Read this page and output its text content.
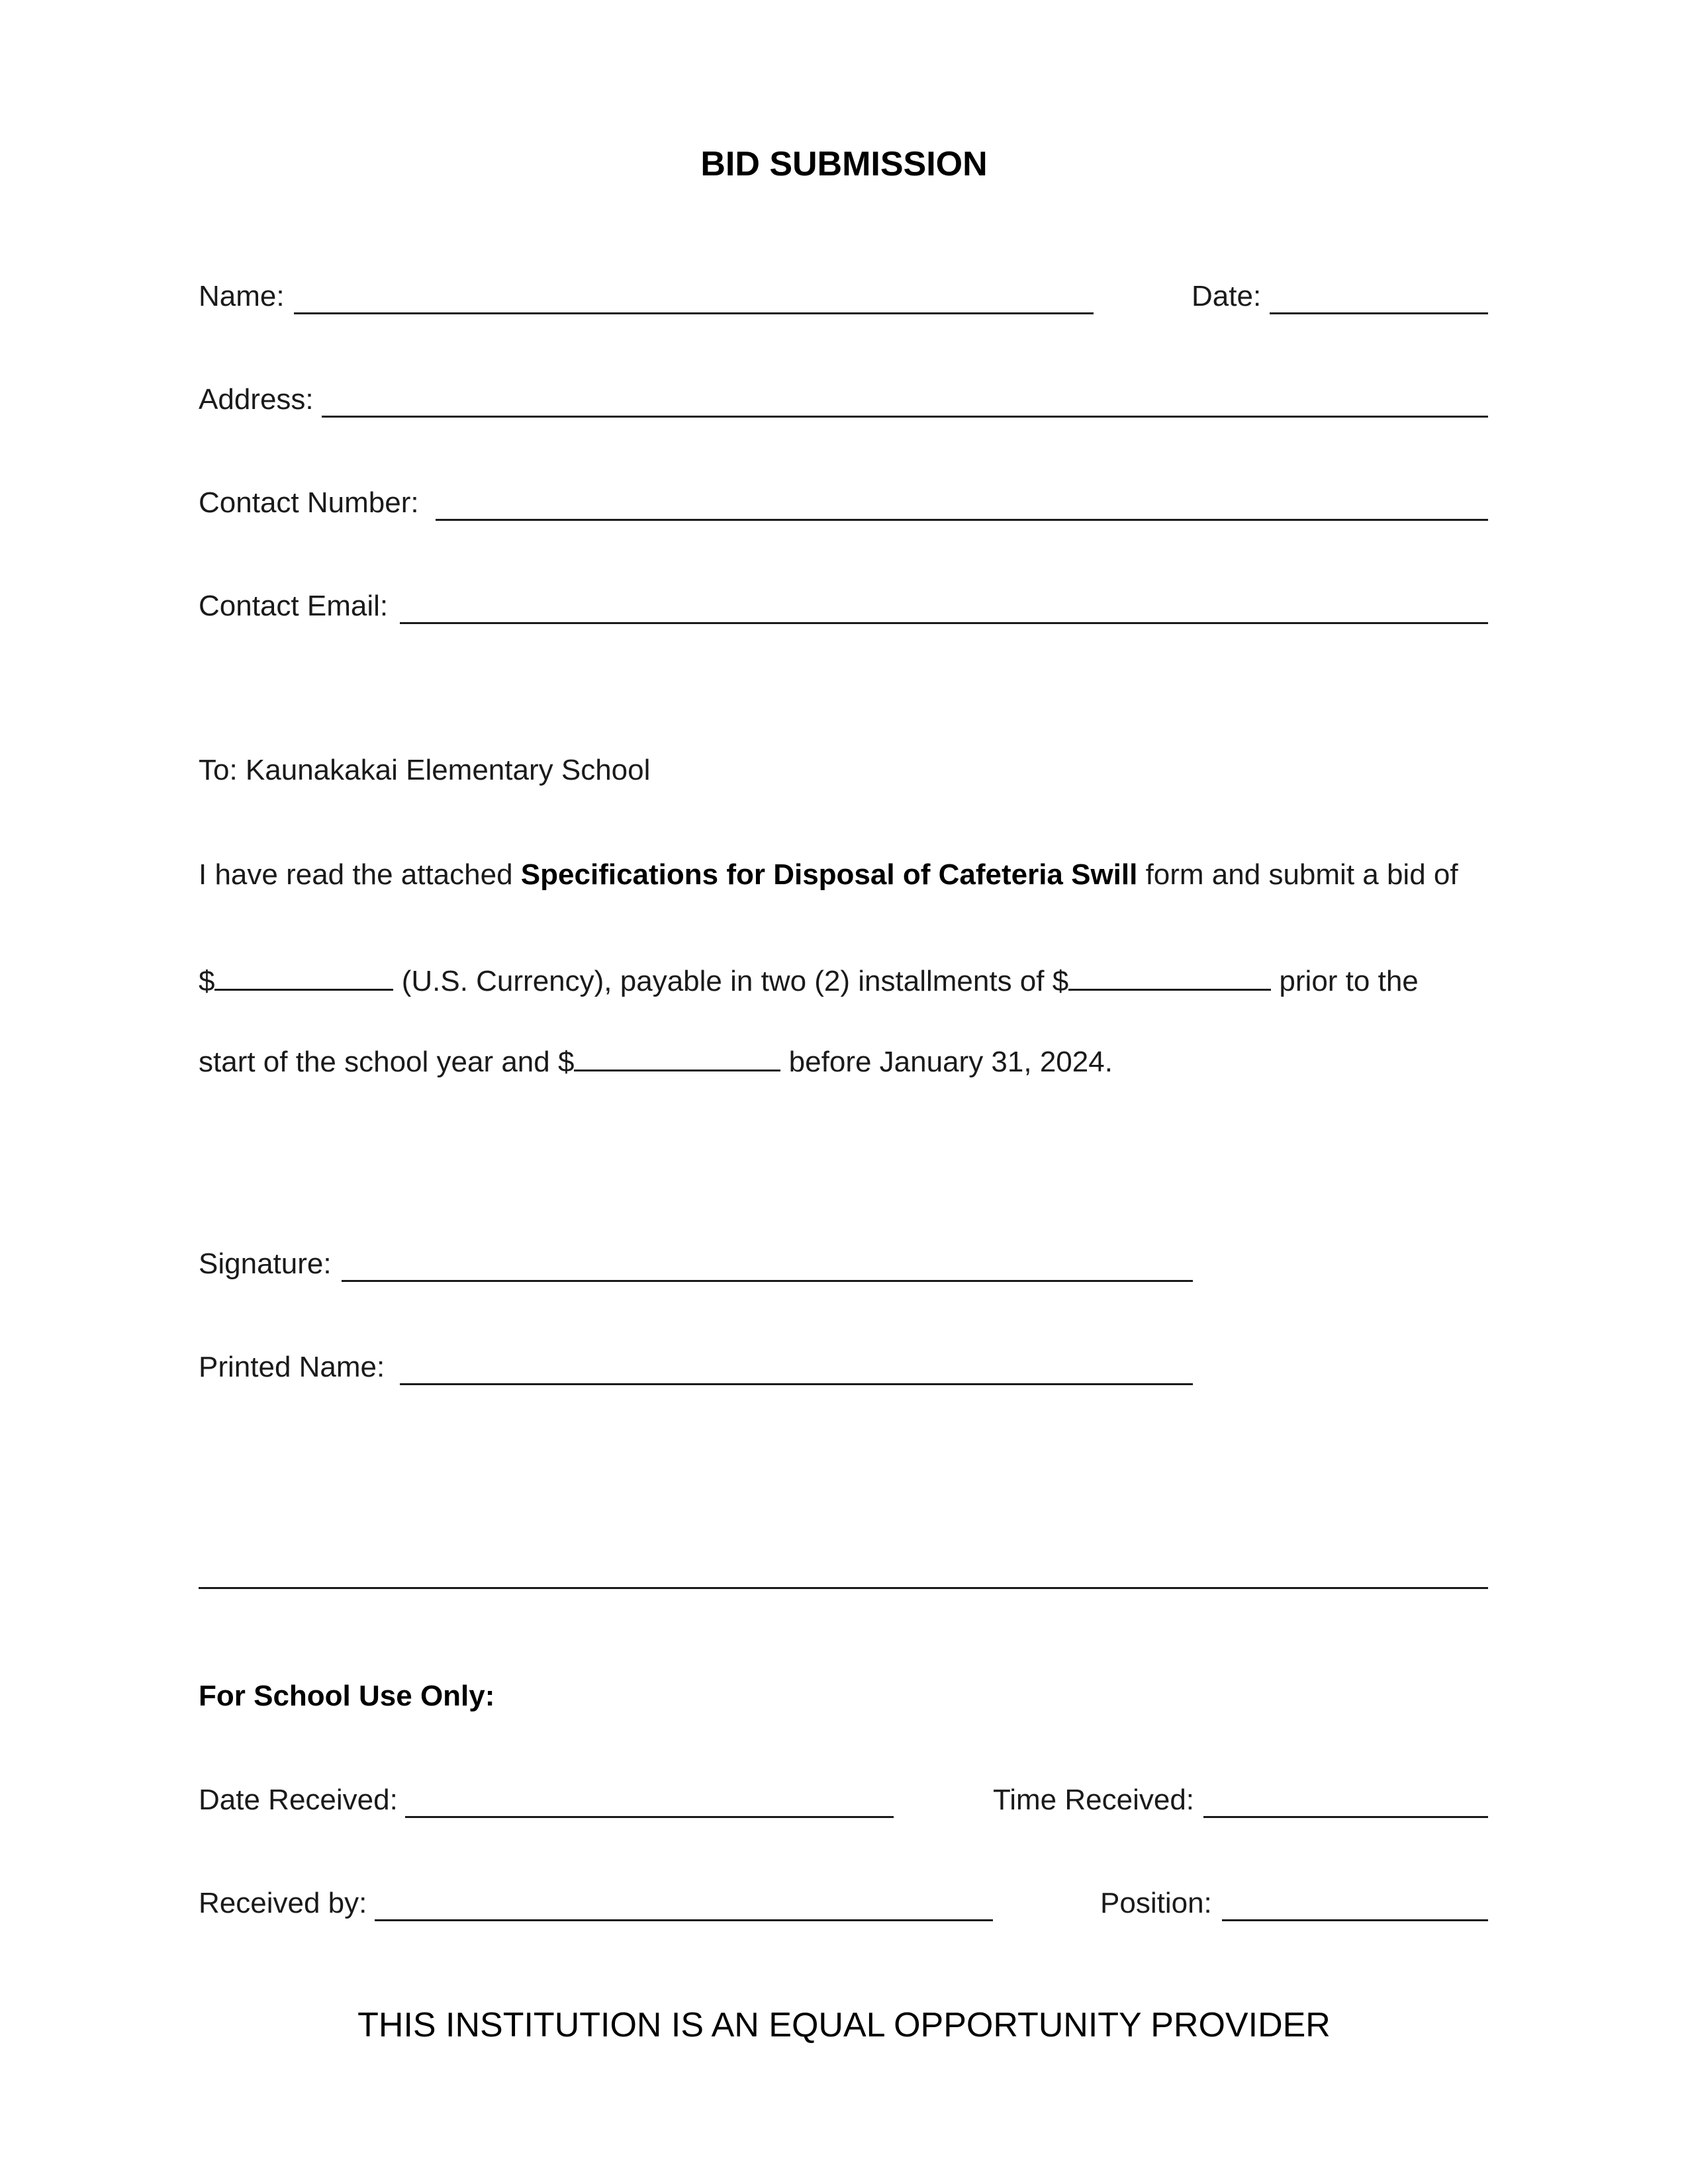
BID SUBMISSION
Name:	Date:
Address:
Contact Number:
Contact Email:
To: Kaunakakai Elementary School
I have read the attached Specifications for Disposal of Cafeteria Swill form and submit a bid of
$	(U.S. Currency), payable in two (2) installments of $	prior to the
start of the school year and $	before January 31, 2024.
Signature:
Printed Name:
For School Use Only:
Date Received:	Time Received:
Received by:	Position:
THIS INSTITUTION IS AN EQUAL OPPORTUNITY PROVIDER
